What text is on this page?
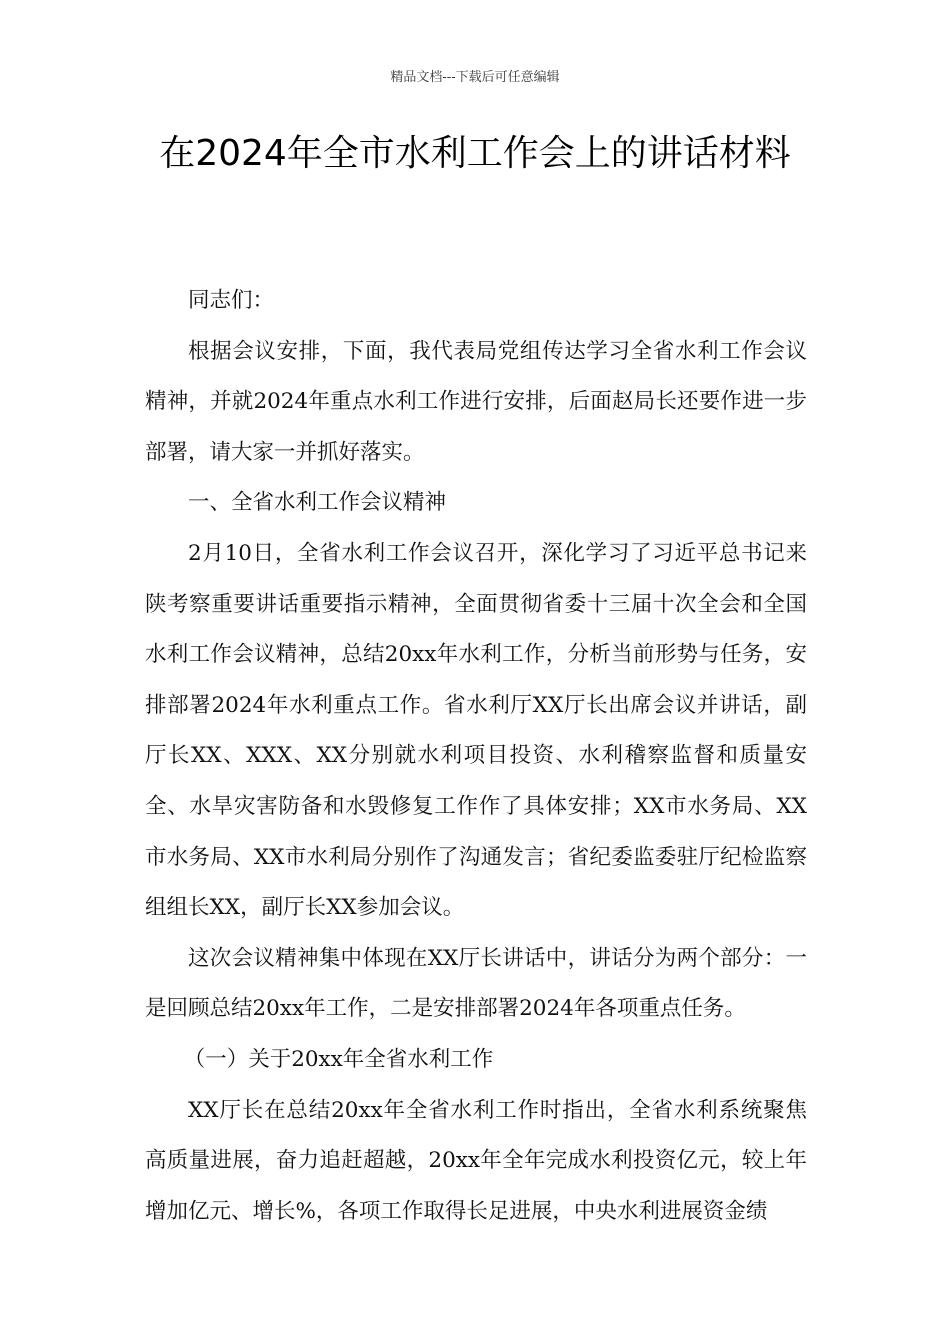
精品文档---下载后可任意编辑
在2024年全市水利工作会上的讲话材料

同志们：

根据会议安排，下面，我代表局党组传达学习全省水利工作会议精神，并就2024年重点水利工作进行安排，后面赵局长还要作进一步部署，请大家一并抓好落实。

一、全省水利工作会议精神

2月10日，全省水利工作会议召开，深化学习了习近平总书记来陕考察重要讲话重要指示精神，全面贯彻省委十三届十次全会和全国水利工作会议精神，总结20xx年水利工作，分析当前形势与任务，安排部署2024年水利重点工作。省水利厅XX厅长出席会议并讲话，副厅长XX、XXX、XX分别就水利项目投资、水利稽察监督和质量安全、水旱灾害防备和水毁修复工作作了具体安排；XX市水务局、XX市水务局、XX市水利局分别作了沟通发言；省纪委监委驻厅纪检监察组组长XX，副厅长XX参加会议。

这次会议精神集中体现在XX厅长讲话中，讲话分为两个部分：一是回顾总结20xx年工作，二是安排部署2024年各项重点任务。

（一）关于20xx年全省水利工作

XX厅长在总结20xx年全省水利工作时指出，全省水利系统聚焦高质量进展，奋力追赶超越，20xx年全年完成水利投资亿元，较上年增加亿元、增长%，各项工作取得长足进展，中央水利进展资金绩
